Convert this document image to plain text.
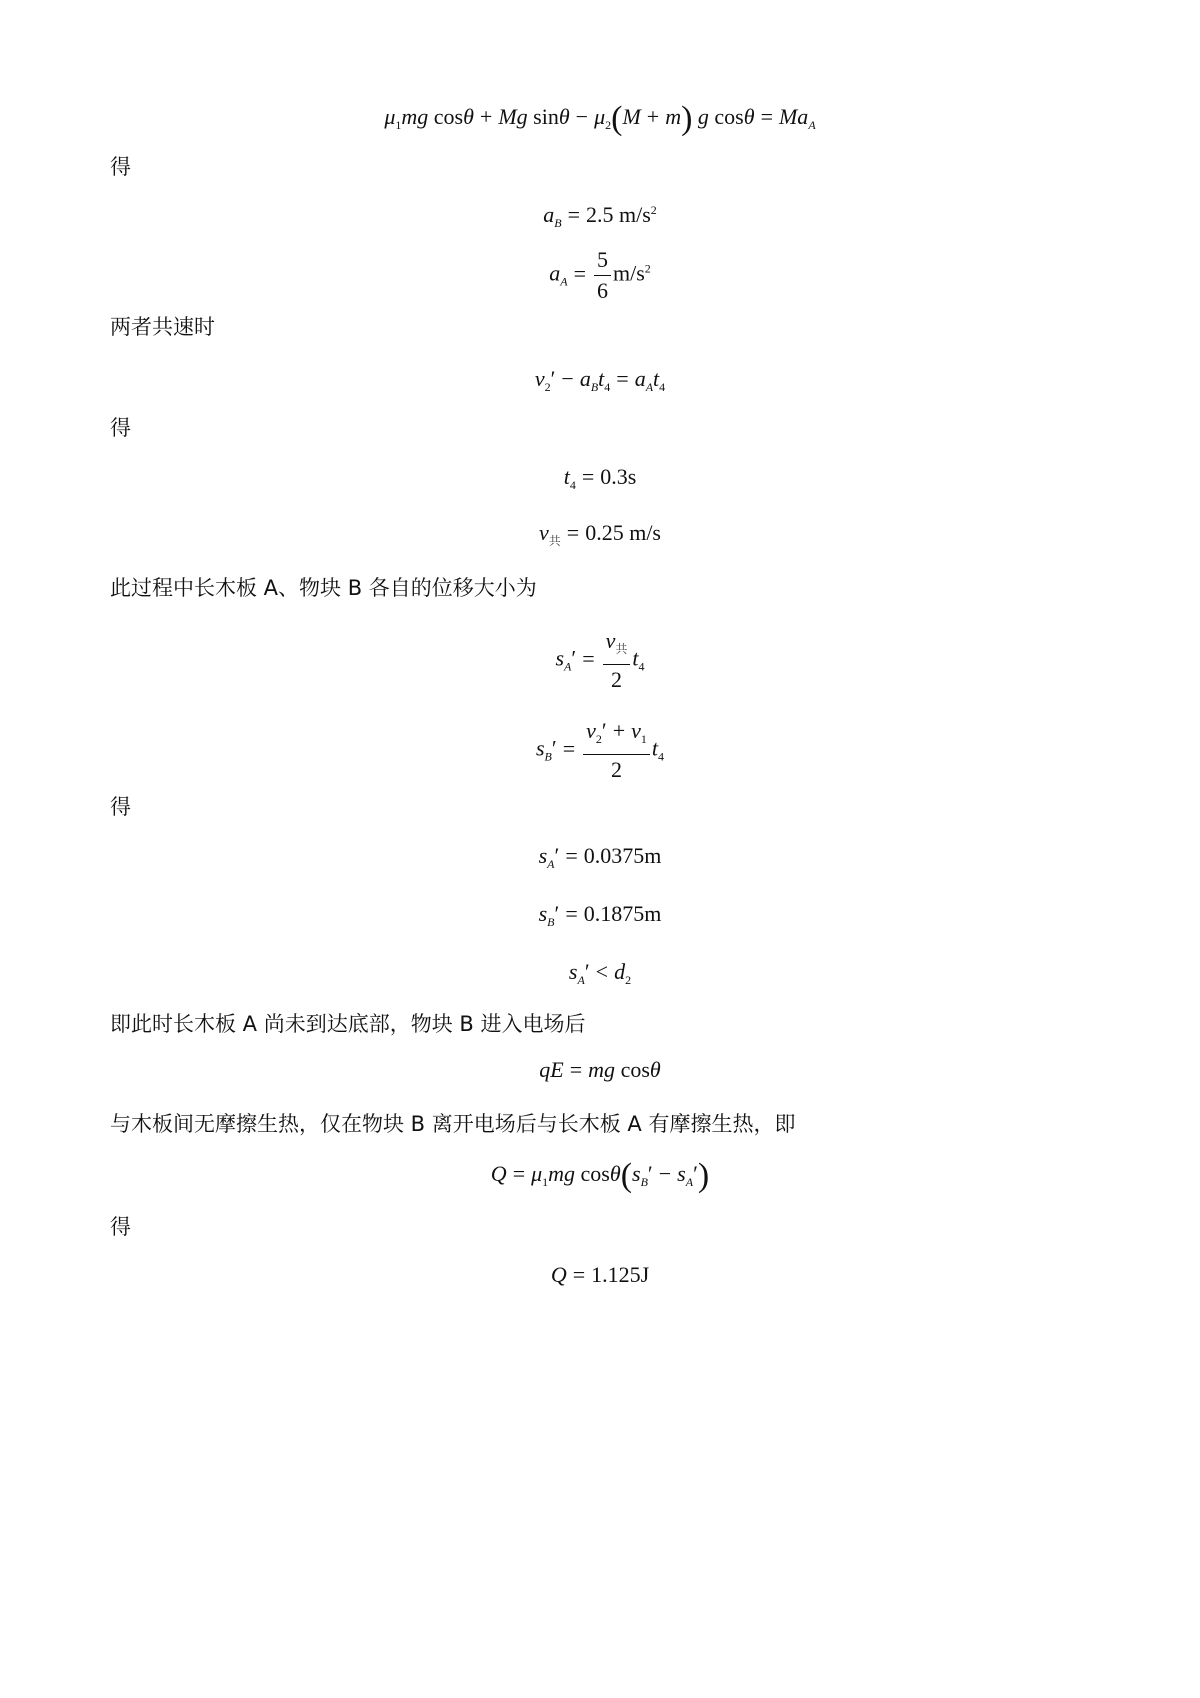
$\mu_1mg$ cosθ + Mg $\sin\theta - \mu_2(M + m)$ g $\cos\theta = Ma_A$
得
$a_B = 2.5$ $m/s^2$
$a_A = \frac{5}{6} m/s^2$
两者共速时
$v_2' - a_Bt_4 = a_At_4$
得
$t_4 = 0.3s$
$v_共 = 0.25$ m/s
此过程中长木板 A、物块 B 各自的位移大小为
$s_A' = \frac{v_共}{2} t_4$
$s_B' = \frac{v_2' + v_1}{2} t_4$
得
$s_A' = 0.0375m$
$s_B' = 0.1875m$
$s_A' < d_2$
即此时长木板 A 尚未到达底部，物块 B 进入电场后
qE = mg cosθ
与木板间无摩擦生热，仅在物块 B 离开电场后与长木板 A 有摩擦生热，即
$Q = \mu_1mg$ $\cos\theta(s_B' - s_A')$
得
Q = 1.125J
